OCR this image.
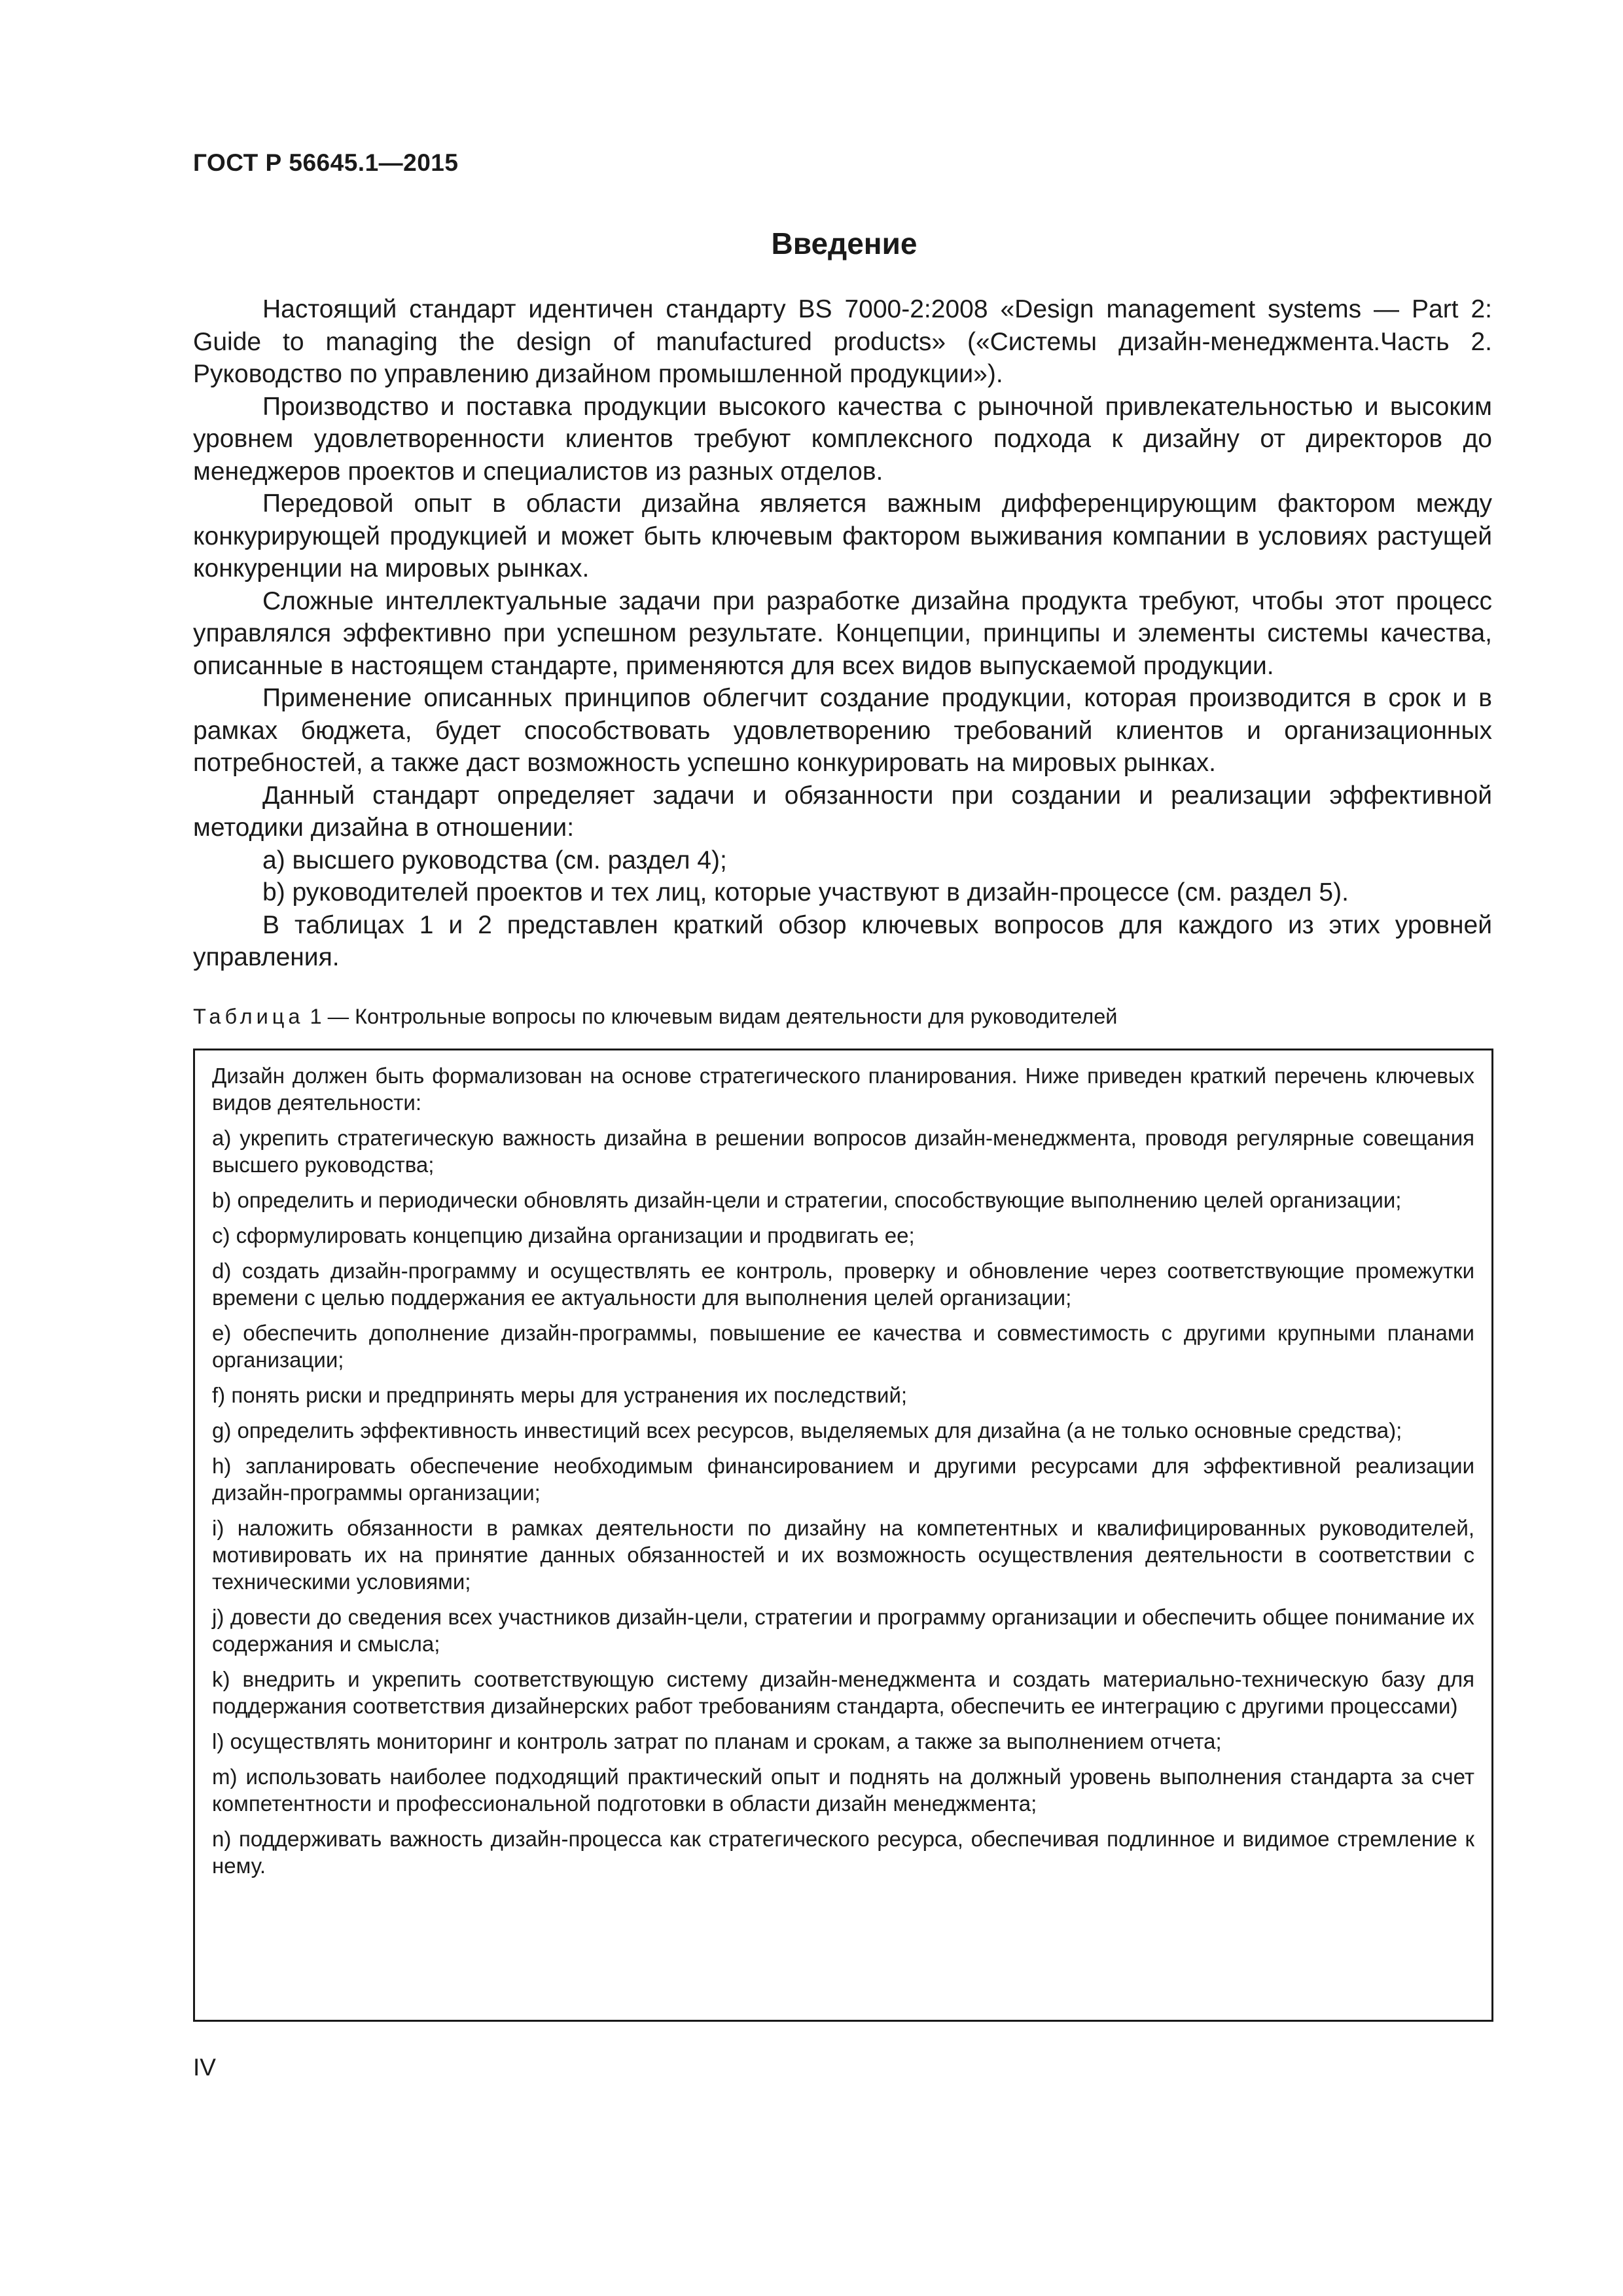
ГОСТ Р 56645.1—2015
Введение

Настоящий стандарт идентичен стандарту BS 7000-2:2008 «Design management systems — Part 2: Guide to managing the design of manufactured products» («Системы дизайн-менеджмента.Часть 2. Руководство по управлению дизайном промышленной продукции»).

Производство и поставка продукции высокого качества с рыночной привлекательностью и высоким уровнем удовлетворенности клиентов требуют комплексного подхода к дизайну от директоров до менеджеров проектов и специалистов из разных отделов.

Передовой опыт в области дизайна является важным дифференцирующим фактором между конкурирующей продукцией и может быть ключевым фактором выживания компании в условиях растущей конкуренции на мировых рынках.

Сложные интеллектуальные задачи при разработке дизайна продукта требуют, чтобы этот процесс управлялся эффективно при успешном результате. Концепции, принципы и элементы системы качества, описанные в настоящем стандарте, применяются для всех видов выпускаемой продукции.

Применение описанных принципов облегчит создание продукции, которая производится в срок и в рамках бюджета, будет способствовать удовлетворению требований клиентов и организационных потребностей, а также даст возможность успешно конкурировать на мировых рынках.

Данный стандарт определяет задачи и обязанности при создании и реализации эффективной методики дизайна в отношении:

a) высшего руководства (см. раздел 4);

b) руководителей проектов и тех лиц, которые участвуют в дизайн-процессе (см. раздел 5).

В таблицах 1 и 2 представлен краткий обзор ключевых вопросов для каждого из этих уровней управления.

Таблица 1 — Контрольные вопросы по ключевым видам деятельности для руководителей

Дизайн должен быть формализован на основе стратегического планирования. Ниже приведен краткий перечень ключевых видов деятельности:

a) укрепить стратегическую важность дизайна в решении вопросов дизайн-менеджмента, проводя регулярные совещания высшего руководства;

b) определить и периодически обновлять дизайн-цели и стратегии, способствующие выполнению целей организации;

c) сформулировать концепцию дизайна организации и продвигать ее;

d) создать дизайн-программу и осуществлять ее контроль, проверку и обновление через соответствующие промежутки времени с целью поддержания ее актуальности для выполнения целей организации;

e) обеспечить дополнение дизайн-программы, повышение ее качества и совместимость с другими крупными планами организации;

f) понять риски и предпринять меры для устранения их последствий;

g) определить эффективность инвестиций всех ресурсов, выделяемых для дизайна (а не только основные средства);

h) запланировать обеспечение необходимым финансированием и другими ресурсами для эффективной реализации дизайн-программы организации;

i) наложить обязанности в рамках деятельности по дизайну на компетентных и квалифицированных руководителей, мотивировать их на принятие данных обязанностей и их возможность осуществления деятельности в соответствии с техническими условиями;

j) довести до сведения всех участников дизайн-цели, стратегии и программу организации и обеспечить общее понимание их содержания и смысла;

k) внедрить и укрепить соответствующую систему дизайн-менеджмента и создать материально-техническую базу для поддержания соответствия дизайнерских работ требованиям стандарта, обеспечить ее интеграцию с другими процессами)

l) осуществлять мониторинг и контроль затрат по планам и срокам, а также за выполнением отчета;

m) использовать наиболее подходящий практический опыт и поднять на должный уровень выполнения стандарта за счет компетентности и профессиональной подготовки в области дизайн менеджмента;

n) поддерживать важность дизайн-процесса как стратегического ресурса, обеспечивая подлинное и видимое стремление к нему.

IV
